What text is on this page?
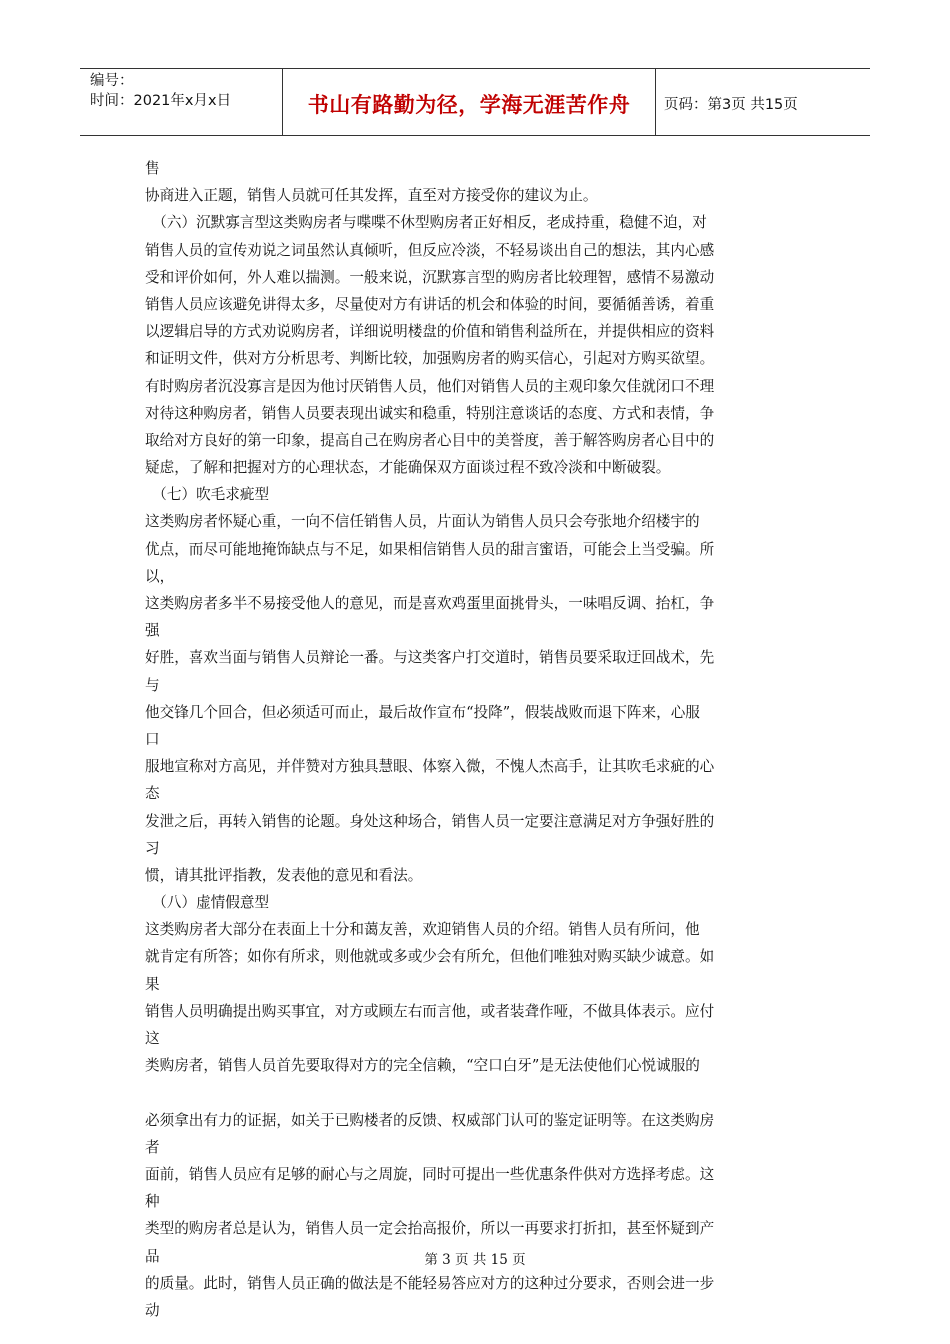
编号：
时间：2021年x月x日	书山有路勤为径，学海无涯苦作舟	页码：第3页 共15页

售

协商进入正题，销售人员就可任其发挥，直至对方接受你的建议为止。

　（六）沉默寡言型这类购房者与喋喋不休型购房者正好相反，老成持重，稳健不迫，对

销售人员的宣传劝说之词虽然认真倾听，但反应冷淡，不轻易谈出自己的想法，其内心感

受和评价如何，外人难以揣测。一般来说，沉默寡言型的购房者比较理智，感情不易激动

销售人员应该避免讲得太多，尽量使对方有讲话的机会和体验的时间，要循循善诱，着重

以逻辑启导的方式劝说购房者，详细说明楼盘的价值和销售利益所在，并提供相应的资料

和证明文件，供对方分析思考、判断比较，加强购房者的购买信心，引起对方购买欲望。

有时购房者沉没寡言是因为他讨厌销售人员，他们对销售人员的主观印象欠佳就闭口不理

对待这种购房者，销售人员要表现出诚实和稳重，特别注意谈话的态度、方式和表情，争

取给对方良好的第一印象，提高自己在购房者心目中的美誉度，善于解答购房者心目中的

疑虑，了解和把握对方的心理状态，才能确保双方面谈过程不致冷淡和中断破裂。

　（七）吹毛求疵型

这类购房者怀疑心重，一向不信任销售人员，片面认为销售人员只会夸张地介绍楼宇的

优点，而尽可能地掩饰缺点与不足，如果相信销售人员的甜言蜜语，可能会上当受骗。所

以，

这类购房者多半不易接受他人的意见，而是喜欢鸡蛋里面挑骨头，一味唱反调、抬杠，争

强

好胜，喜欢当面与销售人员辩论一番。与这类客户打交道时，销售员要采取迂回战术，先

与

他交锋几个回合，但必须适可而止，最后故作宣布“投降”，假装战败而退下阵来，心服

口

服地宣称对方高见，并伴赞对方独具慧眼、体察入微，不愧人杰高手，让其吹毛求疵的心

态

发泄之后，再转入销售的论题。身处这种场合，销售人员一定要注意满足对方争强好胜的

习

惯，请其批评指教，发表他的意见和看法。

　（八）虚情假意型

这类购房者大部分在表面上十分和蔼友善，欢迎销售人员的介绍。销售人员有所问，他

就肯定有所答；如你有所求，则他就或多或少会有所允，但他们唯独对购买缺少诚意。如

果

销售人员明确提出购买事宜，对方或顾左右而言他，或者装聋作哑，不做具体表示。应付

这

类购房者，销售人员首先要取得对方的完全信赖，“空口白牙”是无法使他们心悦诚服的

必须拿出有力的证据，如关于已购楼者的反馈、权威部门认可的鉴定证明等。在这类购房

者

面前，销售人员应有足够的耐心与之周旋，同时可提出一些优惠条件供对方选择考虑。这

种

类型的购房者总是认为，销售人员一定会抬高报价，所以一再要求打折扣，甚至怀疑到产

品

的质量。此时，销售人员正确的做法是不能轻易答应对方的这种过分要求，否则会进一步

动

第 3 页 共 15 页
